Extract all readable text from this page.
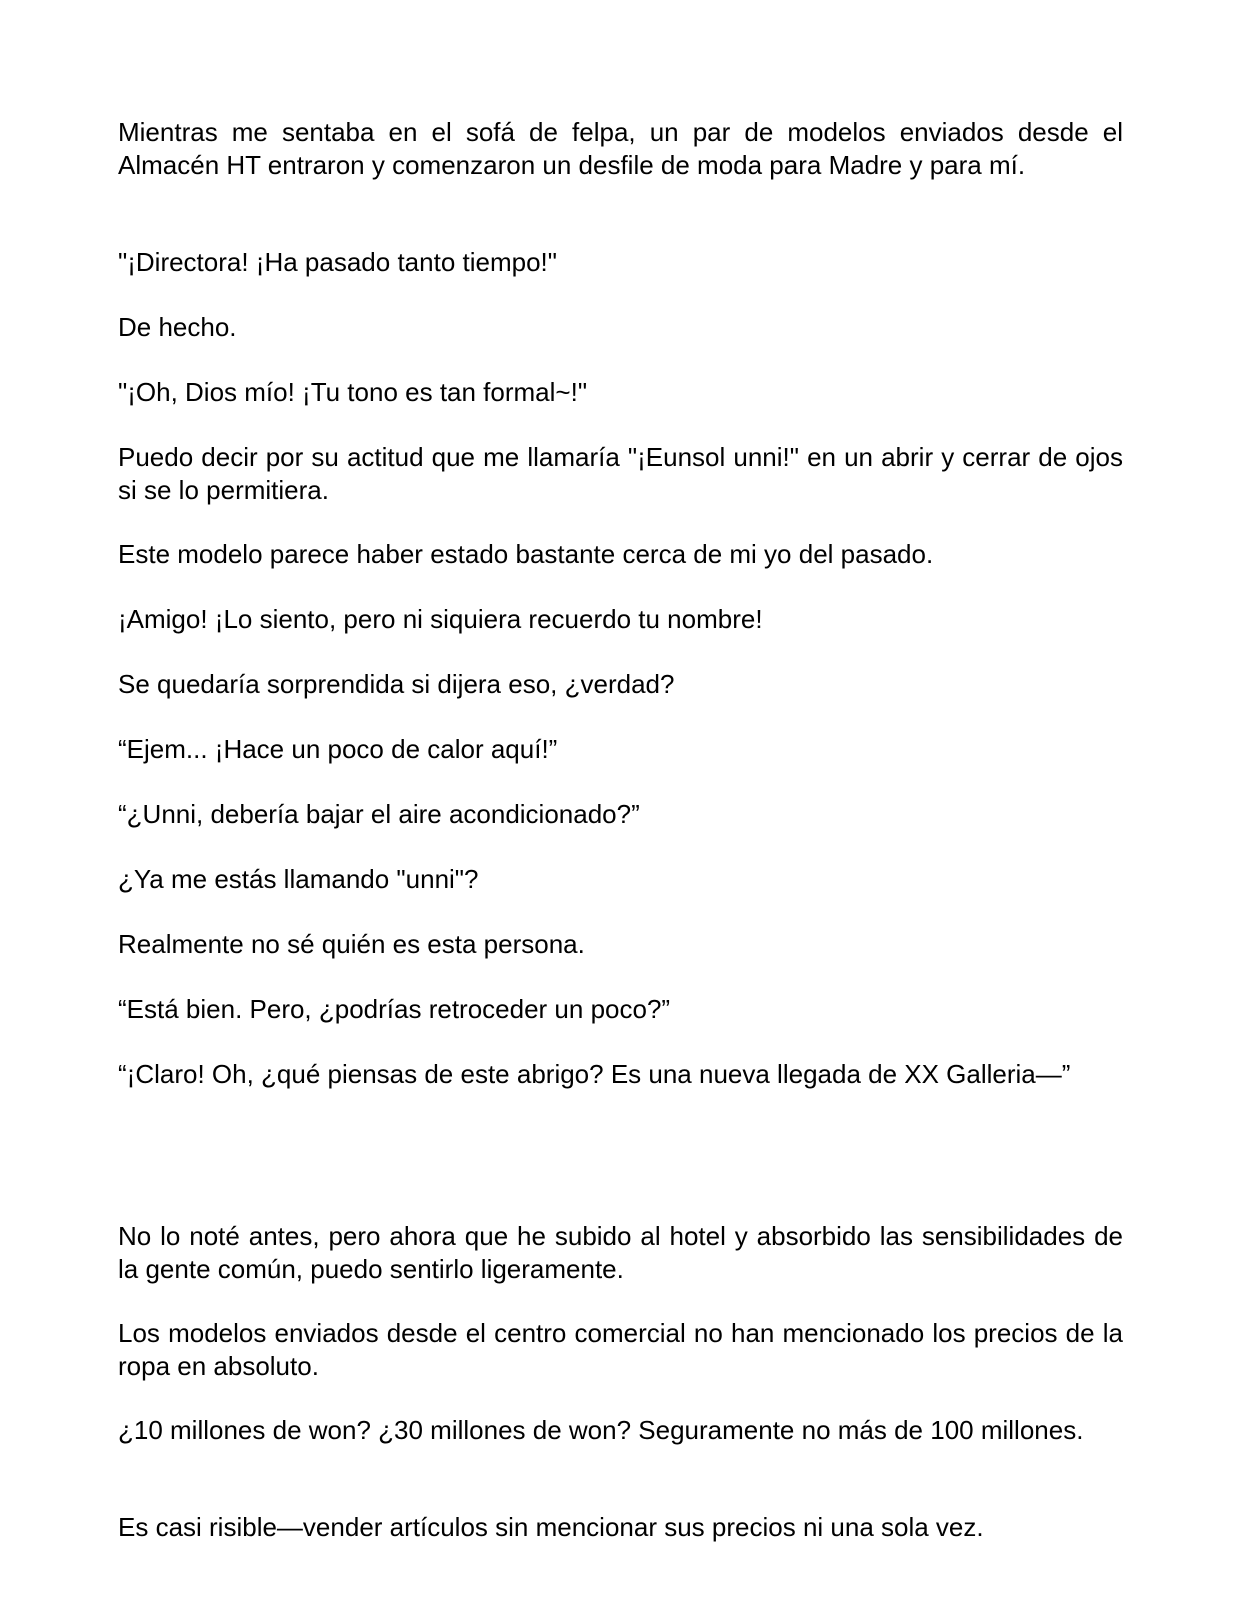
Mientras me sentaba en el sofá de felpa, un par de modelos enviados desde el Almacén HT entraron y comenzaron un desfile de moda para Madre y para mí.

"¡Directora! ¡Ha pasado tanto tiempo!"

De hecho.

"¡Oh, Dios mío! ¡Tu tono es tan formal~!"

Puedo decir por su actitud que me llamaría "¡Eunsol unni!" en un abrir y cerrar de ojos si se lo permitiera.

Este modelo parece haber estado bastante cerca de mi yo del pasado.

¡Amigo! ¡Lo siento, pero ni siquiera recuerdo tu nombre!

Se quedaría sorprendida si dijera eso, ¿verdad?

“Ejem... ¡Hace un poco de calor aquí!”

“¿Unni, debería bajar el aire acondicionado?”

¿Ya me estás llamando "unni"?

Realmente no sé quién es esta persona.

“Está bien. Pero, ¿podrías retroceder un poco?”

“¡Claro! Oh, ¿qué piensas de este abrigo? Es una nueva llegada de XX Galleria—”

No lo noté antes, pero ahora que he subido al hotel y absorbido las sensibilidades de la gente común, puedo sentirlo ligeramente.

Los modelos enviados desde el centro comercial no han mencionado los precios de la ropa en absoluto.

¿10 millones de won? ¿30 millones de won? Seguramente no más de 100 millones.

Es casi risible—vender artículos sin mencionar sus precios ni una sola vez.
